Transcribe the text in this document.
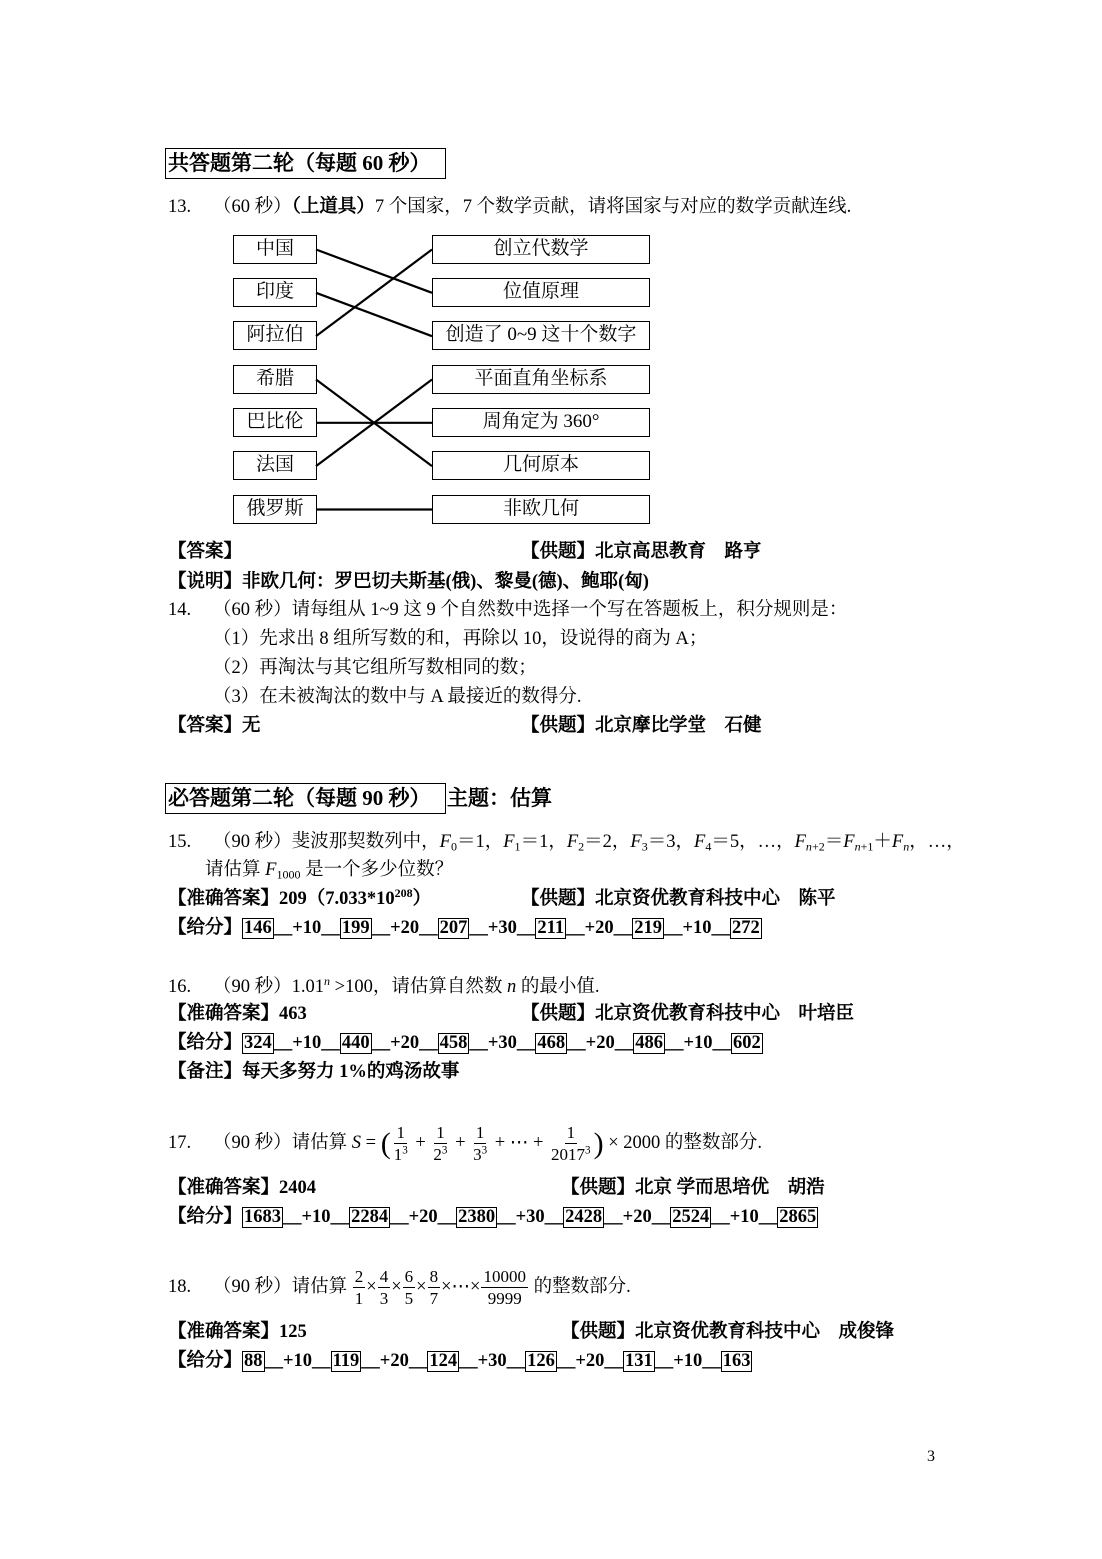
共答题第二轮（每题 60 秒）
13. （60 秒）（上道具）7 个国家，7 个数学贡献，请将国家与对应的数学贡献连线.
中国
印度
阿拉伯
希腊
巴比伦
法国
俄罗斯
创立代数学
位值原理
创造了 0~9 这十个数字
平面直角坐标系
周角定为 360°
几何原本
非欧几何
【答案】	【供题】北京高思教育　路亨
【说明】非欧几何：罗巴切夫斯基(俄)、黎曼(德)、鲍耶(匈)
14. （60 秒）请每组从 1~9 这 9 个自然数中选择一个写在答题板上，积分规则是：
（1）先求出 8 组所写数的和，再除以 10，设说得的商为 A；
（2）再淘汰与其它组所写数相同的数；
（3）在未被淘汰的数中与 A 最接近的数得分.
【答案】无	【供题】北京摩比学堂　石健
必答题第二轮（每题 90 秒） 主题：估算
15. （90 秒）斐波那契数列中，$F_0=1$，$F_1=1$，$F_2=2$，$F_3=3$，$F_4=5$，…，$F_{n+2}=F_{n+1}+F_n$，…，
请估算 $F_{1000}$ 是一个多少位数？
【准确答案】$209(7.033*10^{208})$	【供题】北京资优教育科技中心　陈平
【给分】 146 __+10__ 199 __+20__ 207 __+30__ 211 __+20__ 219 __+10__ 272
16. （90 秒）$1.01^n >100$，请估算自然数 n 的最小值.
【准确答案】463	【供题】北京资优教育科技中心　叶培臣
【给分】 324 __+10__ 440 __+20__ 458 __+30__ 468 __+20__ 486 __+10__ 602
【备注】每天多努力 1%的鸡汤故事
17. （90 秒）请估算 S = ( $\frac{1}{1^3} + \frac{1}{2^3} + \frac{1}{3^3}$ + ⋯ + $\frac{1}{2017^3}$ ) × 2000 的整数部分.
【准确答案】2404	【供题】北京 学而思培优　胡浩
【给分】 1683 __+10__ 2284 __+20__ 2380 __+30__ 2428 __+20__ 2524 __+10__ 2865
18. （90 秒）请估算 $\frac{2}{1} \times \frac{4}{3} \times \frac{6}{5} \times \frac{8}{7}$ ×⋯× $\frac{10000}{9999}$ 的整数部分.
【准确答案】125	【供题】北京资优教育科技中心　成俊锋
【给分】 88 __+10__ 119 __+20__ 124 __+30__ 126 __+20__ 131 __+10__ 163
3
